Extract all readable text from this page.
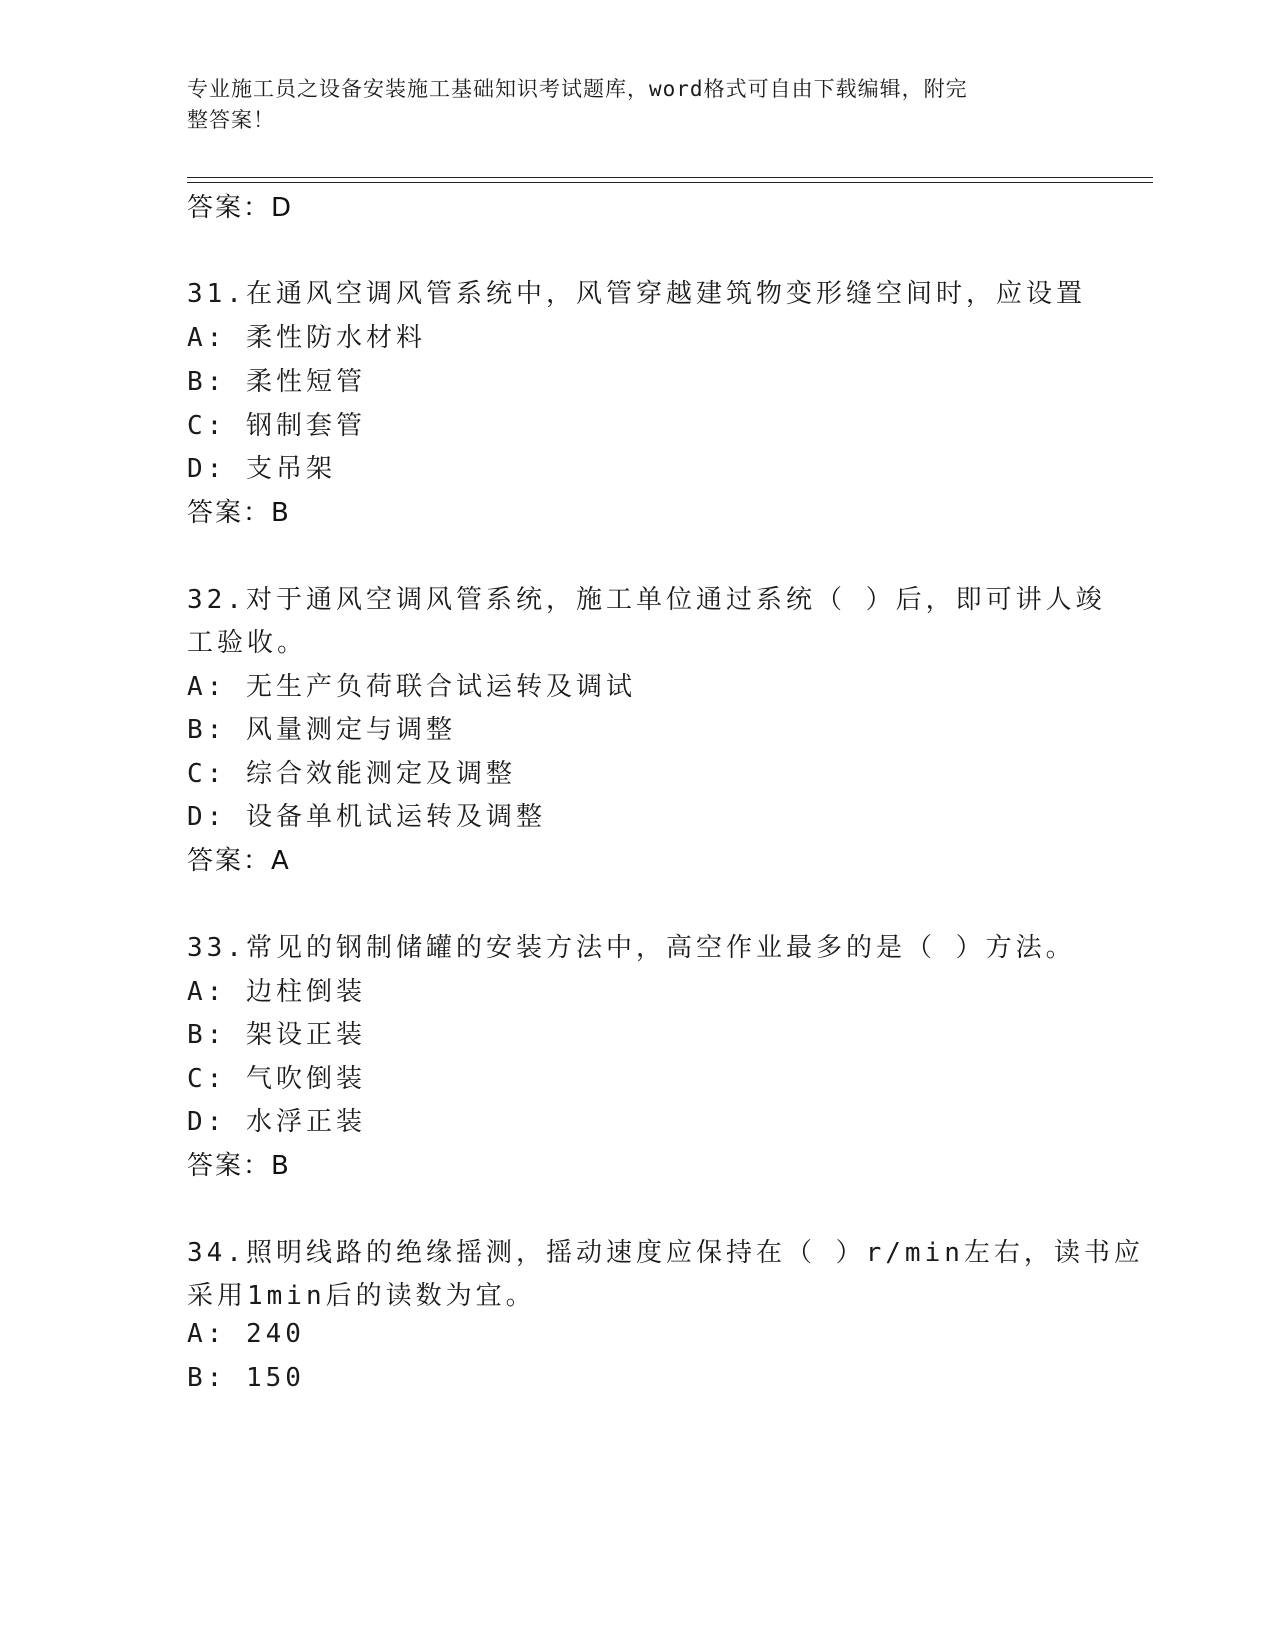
专业施工员之设备安装施工基础知识考试题库，word格式可自由下载编辑，附完
整答案！
答案：D
31.在通风空调风管系统中，风管穿越建筑物变形缝空间时，应设置
A: 柔性防水材料
B: 柔性短管
C: 钢制套管
D: 支吊架
答案：B
32.对于通风空调风管系统，施工单位通过系统（ ）后，即可讲人竣
工验收。
A: 无生产负荷联合试运转及调试
B: 风量测定与调整
C: 综合效能测定及调整
D: 设备单机试运转及调整
答案：A
33.常见的钢制储罐的安装方法中，高空作业最多的是（ ）方法。
A: 边柱倒装
B: 架设正装
C: 气吹倒装
D: 水浮正装
答案：B
34.照明线路的绝缘摇测，摇动速度应保持在（ ）r/min左右，读书应
采用1min后的读数为宜。
A: 240
B: 150
